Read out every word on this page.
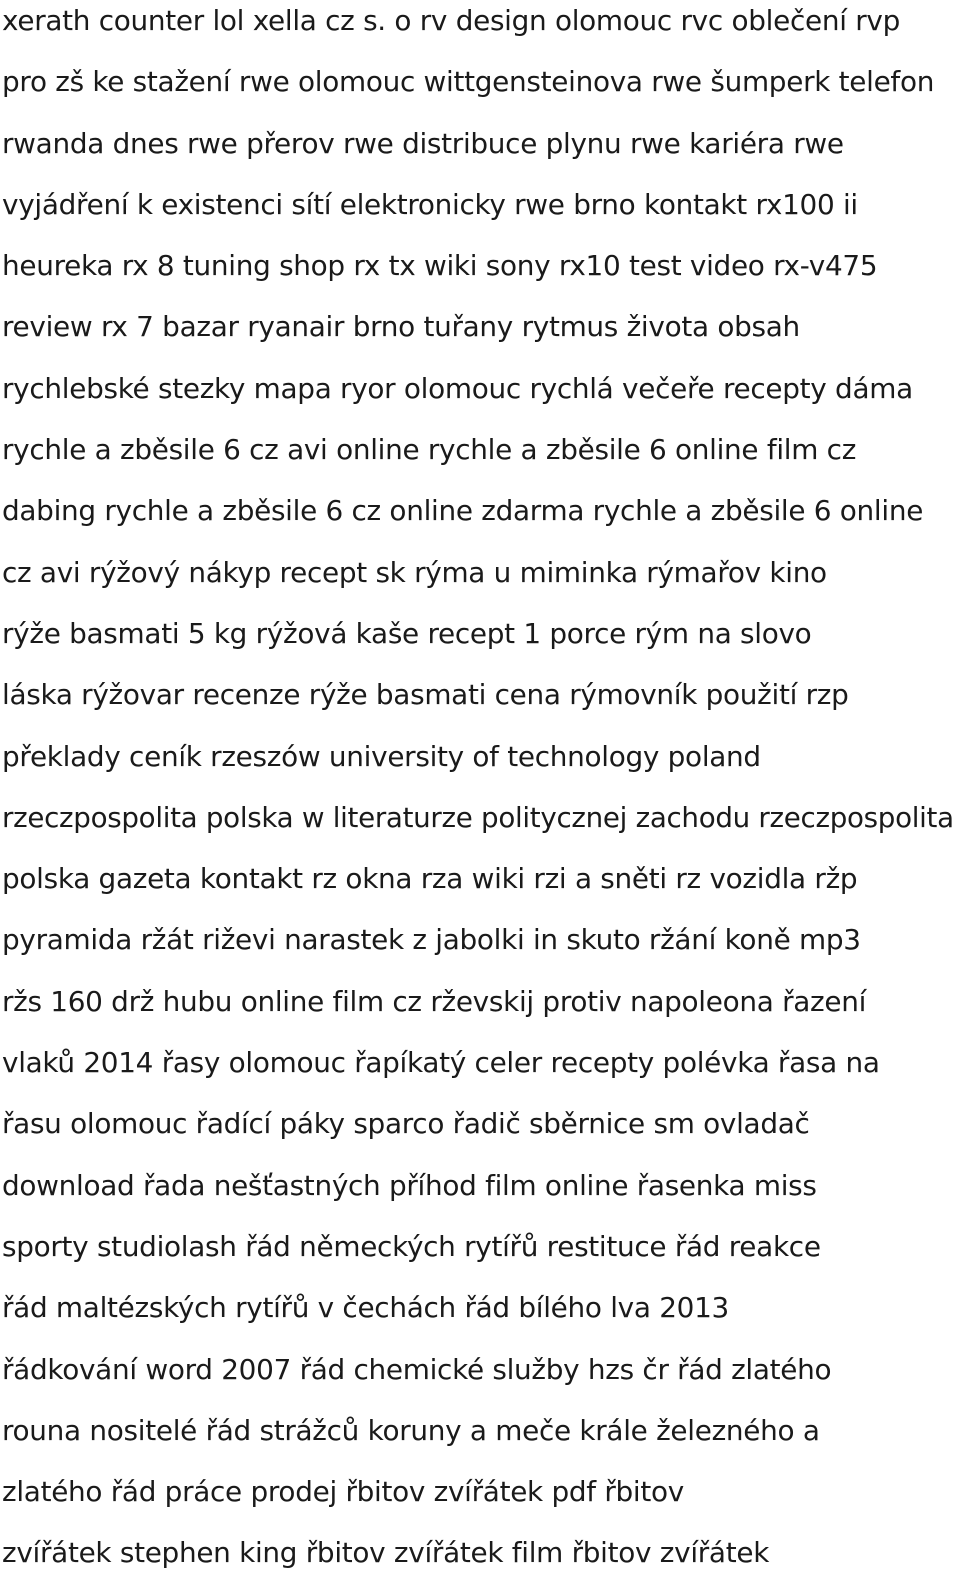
xerath counter lol xella cz s. o rv design olomouc rvc oblečení rvp
pro zš ke stažení rwe olomouc wittgensteinova rwe šumperk telefon
rwanda dnes rwe přerov rwe distribuce plynu rwe kariéra rwe
vyjádření k existenci sítí elektronicky rwe brno kontakt rx100 ii
heureka rx 8 tuning shop rx tx wiki sony rx10 test video rx-v475
review rx 7 bazar ryanair brno tuřany rytmus života obsah
rychlebské stezky mapa ryor olomouc rychlá večeře recepty dáma
rychle a zběsile 6 cz avi online rychle a zběsile 6 online film cz
dabing rychle a zběsile 6 cz online zdarma rychle a zběsile 6 online
cz avi rýžový nákyp recept sk rýma u miminka rýmařov kino
rýže basmati 5 kg rýžová kaše recept 1 porce rým na slovo
láska rýžovar recenze rýže basmati cena rýmovník použití rzp
překlady ceník rzeszów university of technology poland
rzeczpospolita polska w literaturze politycznej zachodu rzeczpospolita
polska gazeta kontakt rz okna rza wiki rzi a sněti rz vozidla ržp
pyramida ržát riževi narastek z jabolki in skuto ržání koně mp3
ržs 160 drž hubu online film cz rževskij protiv napoleona řazení
vlaků 2014 řasy olomouc řapíkatý celer recepty polévka řasa na
řasu olomouc řadící páky sparco řadič sběrnice sm ovladač
download řada nešťastných příhod film online řasenka miss
sporty studiolash řád německých rytířů restituce řád reakce
řád maltézských rytířů v čechách řád bílého lva 2013
řádkování word 2007 řád chemické služby hzs čr řád zlatého
rouna nositelé řád strážců koruny a meče krále železného a
zlatého řád práce prodej řbitov zvířátek pdf řbitov
zvířátek stephen king řbitov zvířátek film řbitov zvířátek
